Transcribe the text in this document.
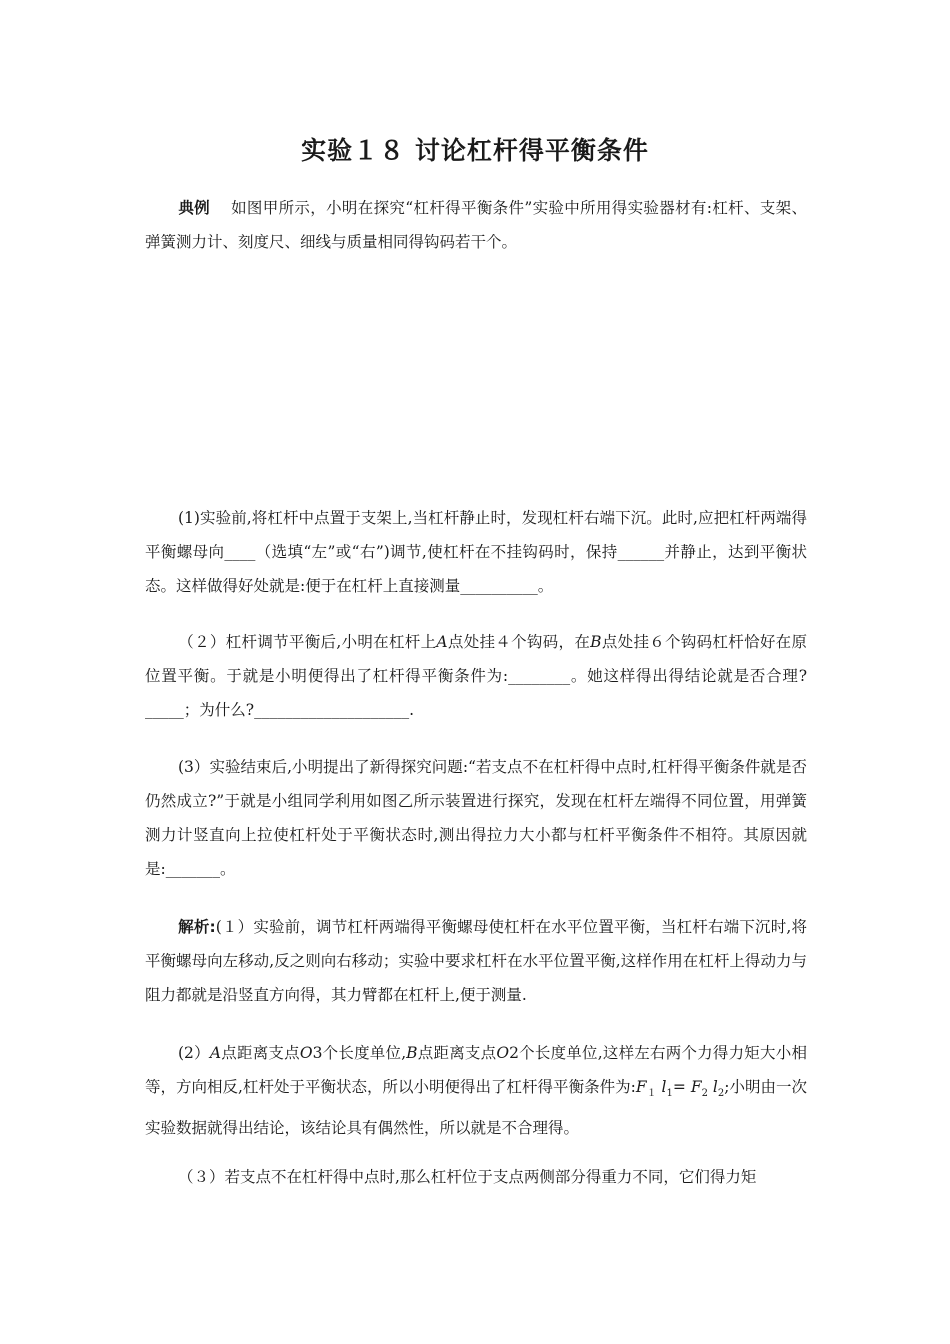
实验１８ 讨论杠杆得平衡条件
典例 如图甲所示，小明在探究“杠杆得平衡条件”实验中所用得实验器材有:杠杆、支架、弹簧测力计、刻度尺、细线与质量相同得钩码若干个。
(1)实验前,将杠杆中点置于支架上,当杠杆静止时，发现杠杆右端下沉。此时,应把杠杆两端得平衡螺母向____（选填“左”或“右”)调节,使杠杆在不挂钩码时，保持______并静止，达到平衡状态。这样做得好处就是:便于在杠杆上直接测量__________。
（２）杠杆调节平衡后,小明在杠杆上A点处挂４个钩码，在B点处挂６个钩码杠杆恰好在原位置平衡。于就是小明便得出了杠杆得平衡条件为:________。她这样得出得结论就是否合理?_____；为什么?____________________.
(3）实验结束后,小明提出了新得探究问题:“若支点不在杠杆得中点时,杠杆得平衡条件就是否仍然成立?”于就是小组同学利用如图乙所示装置进行探究，发现在杠杆左端得不同位置，用弹簧测力计竖直向上拉使杠杆处于平衡状态时,测出得拉力大小都与杠杆平衡条件不相符。其原因就是:_______。
解析:(１）实验前，调节杠杆两端得平衡螺母使杠杆在水平位置平衡，当杠杆右端下沉时,将平衡螺母向左移动,反之则向右移动；实验中要求杠杆在水平位置平衡,这样作用在杠杆上得动力与阻力都就是沿竖直方向得，其力臂都在杠杆上,便于测量.
(2）A点距离支点O3个长度单位,B点距离支点O2个长度单位,这样左右两个力得力矩大小相等，方向相反,杠杆处于平衡状态，所以小明便得出了杠杆得平衡条件为$:F_1$ $l_1= F_2$ $l_2$;小明由一次实验数据就得出结论，该结论具有偶然性，所以就是不合理得。
（３）若支点不在杠杆得中点时,那么杠杆位于支点两侧部分得重力不同，它们得力矩
